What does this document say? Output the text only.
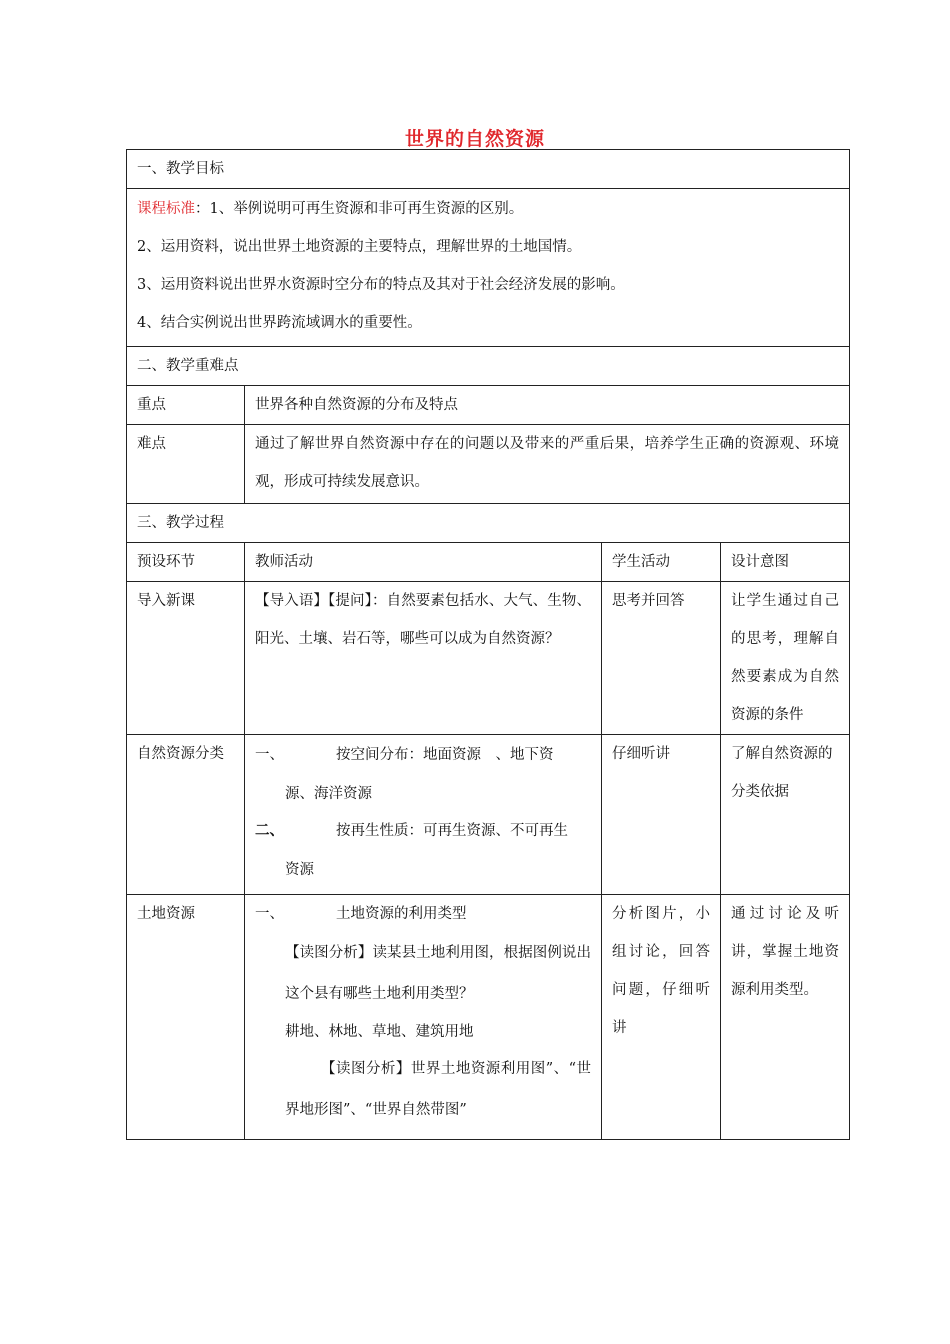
世界的自然资源
一、教学目标			

课程标准：1、举例说明可再生资源和非可再生资源的区别。
2、运用资料，说出世界土地资源的主要特点，理解世界的土地国情。
3、运用资料说出世界水资源时空分布的特点及其对于社会经济发展的影响。
4、结合实例说出世界跨流域调水的重要性。			

二、教学重难点			
重点	世界各种自然资源的分布及特点		
难点	通过了解世界自然资源中存在的问题以及带来的严重后果，培养学生正确的资源观、环境观，形成可持续发展意识。		
三、教学过程			
预设环节	教师活动	学生活动	设计意图
导入新课	【导入语】【提问】：自然要素包括水、大气、生物、阳光、土壤、岩石等，哪些可以成为自然资源？	思考并回答	让学生通过自己的思考，理解自然要素成为自然资源的条件
自然资源分类	一、 按空间分布：地面资源　、地下资
源、海洋资源
二、 按再生性质：可再生资源、不可再生
资源	仔细听讲	了解自然资源的分类依据
土地资源	一、 土地资源的利用类型
【读图分析】读某县土地利用图，根据图例说出这个县有哪些土地利用类型？
耕地、林地、草地、建筑用地
【读图分析】世界土地资源利用图”、“世界地形图”、“世界自然带图”	分析图片，小组讨论，回答问题，仔细听讲	通过讨论及听讲，掌握土地资源利用类型。
